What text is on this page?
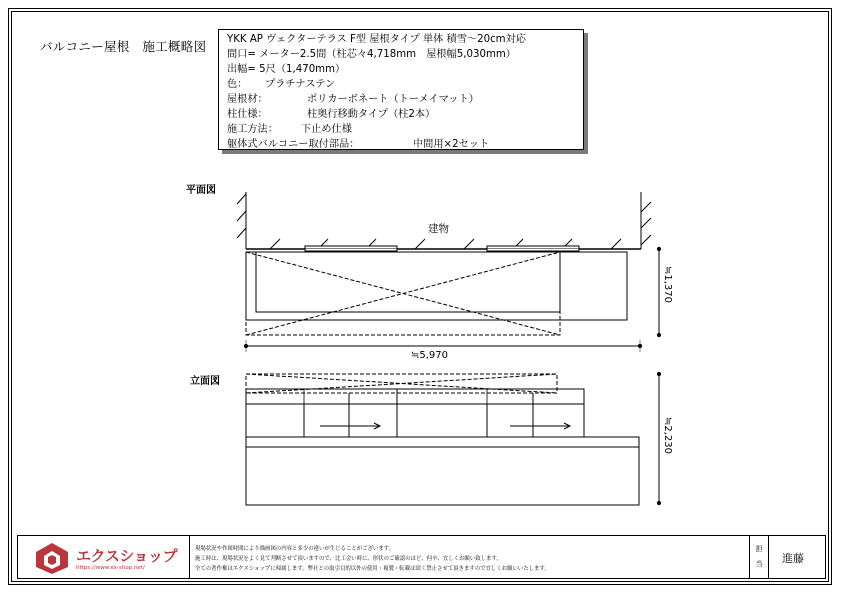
バルコニー屋根　施工概略図 YKK AP ヴェクターテラス F型 屋根タイプ 単体 積雪～20cm対応
間口= メーター2.5間（柱芯々4,718mm　屋根幅5,030mm）
出幅= 5尺（1,470mm）
色： プラチナステン
屋根材：	ポリカーボネート（トーメイマット）
柱仕様：	柱奥行移動タイプ（柱2本）
施工方法： 下止め仕様
躯体式バルコニー取付部品：	中間用×2セット
平面図
立面図
建物
≒5,970
≒1,370
≒2,230
エクスショップ
https://www.ex-shop.net/
現場状況や作図時間により描画図の内容と多少の違いが生じることがございます。
施工時は、現場状況をよく見て判断させて頂いますので、比工会い時に、形状のご確認のほど、何卒、宜しくお願い致します。
全ての著作権はエクスショップに帰属します。弊社との取引目的以外の使用・複製・転載は固く禁止させて頂きますので宜しくお願いいたします。
担当 進藤
